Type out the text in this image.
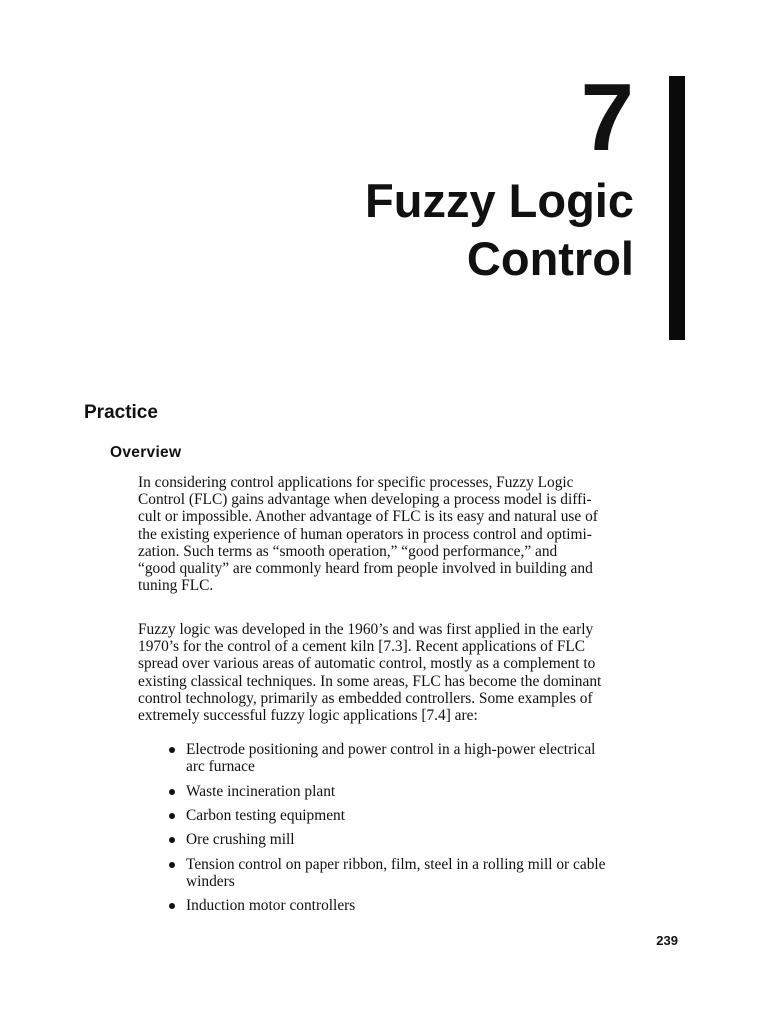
7
Fuzzy Logic
Control
Practice
Overview
In considering control applications for specific processes, Fuzzy Logic
Control (FLC) gains advantage when developing a process model is diffi-
cult or impossible. Another advantage of FLC is its easy and natural use of
the existing experience of human operators in process control and optimi-
zation. Such terms as “smooth operation,” “good performance,” and
“good quality” are commonly heard from people involved in building and
tuning FLC.
Fuzzy logic was developed in the 1960’s and was first applied in the early
1970’s for the control of a cement kiln [7.3]. Recent applications of FLC
spread over various areas of automatic control, mostly as a complement to
existing classical techniques. In some areas, FLC has become the dominant
control technology, primarily as embedded controllers. Some examples of
extremely successful fuzzy logic applications [7.4] are:
Electrode positioning and power control in a high-power electrical
arc furnace
Waste incineration plant
Carbon testing equipment
Ore crushing mill
Tension control on paper ribbon, film, steel in a rolling mill or cable
winders
Induction motor controllers
239
